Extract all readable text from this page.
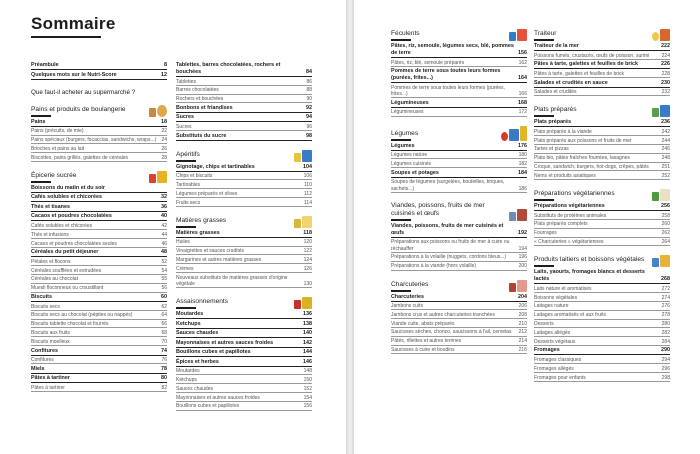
Sommaire
Préambule	8
Quelques mots sur le Nutri-Score	12
Que faut-il acheter au supermarché ?
Pains et produits de boulangerie
Pains	18
Pains (précuits, de mie)	22
Pains spéciaux (burgers, focaccias, sandwichs, wraps...)	24
Brioches et pains au lait	26
Biscottes, pains grillés, galettes de céréales	28
Épicerie sucrée
Boissons du matin et du soir
Cafés solubles et chicorées	32
Thés et tisanes	36
Cacaos et poudres chocolatées	40
Cafés solubles et chicorées	42
Thés et infusions	44
Cacaos et poudres chocolatées seules	46
Céréales du petit déjeuner	48
Pétales et flocons	52
Céréales soufflées et extrudées	54
Céréales au chocolat	55
Muesli floconneux ou croustillant	56
Biscuits	60
Biscuits secs	62
Biscuits secs au chocolat (pépites ou nappés)	64
Biscuits tablette chocolat et fourrés	66
Biscuits aux fruits	68
Biscuits moelleux	70
Confitures	74
Confitures	76
Miels	78
Pâtes à tartiner	80
Pâtes à tartiner	82
Tablettes, barres chocolatées, rochers et bouchées	84
Tablettes	86
Barres chocolatées	88
Rochers et bouchées	90
Bonbons et friandises	92
Sucres	94
Sucres	96
Substituts du sucre	98
Apéritifs
Gignotage, chips et tartinables	104
Chips et biscuits	106
Tartinables	110
Légumes préparés et olives	112
Fruits secs	114
Matières grasses
Matières grasses	118
Huiles	120
Vinaigrettes et sauces crudités	122
Margarines et autres matières grasses	124
Crèmes	126
Nouveaux substituts de matières grasses d'origine végétale	130
Assaisonnements
Moutardes	136
Ketchups	138
Sauces chaudes	140
Mayonnaises et autres sauces froides	142
Bouillons cubes et papillotes	144
Épices et herbes	146
Moutardes	148
Ketchups	150
Sauces chaudes	152
Mayonnaises et autres sauces froides	154
Bouillons cubes et papillotes	156
Féculents
Pâtes, riz, semoule, légumes secs, blé, pommes de terre	156
Pâtes, riz, blé, semoule préparés	162
Pommes de terre sous toutes leurs formes (purées, frites...)	164
Pommes de terre sous toutes leurs formes (purées, frites...)	166
Légumineuses	168
Légumineuses	172
Légumes
Légumes	176
Légumes nature	180
Légumes cuisinés	182
Soupes et potages	184
Soupes de légumes (surgelées, bouteilles, briques, sachets...)	186
Viandes, poissons, fruits de mer cuisinés et œufs
Viandes, poissons, fruits de mer cuisinés et œufs	192
Préparations aux poissons ou fruits de mer à cuire ou réchauffer	194
Préparations à la volaille (nuggets, cordons bleus...)	196
Préparations à la viande (hors volaille)	200
Charcuteries
Charcuteries	204
Jambons cuits	206
Jambons crus et autres charcuteries tranchées	208
Viande cuite, abats préparés	210
Saucisses sèches, chorizo, saucissons à l'ail, cervelas	212
Pâtés, rillettes et autres terrines	214
Saucisses à cuire et boudins	216
Traiteur
Traiteur de la mer	222
Poissons fumés, crustacés, œufs de poisson, surimi	224
Pâtes à tarte, galettes et feuilles de brick	226
Pâtes à tarte, galettes et feuilles de brick	228
Salades et crudités en sauce	230
Salades et crudités	232
Plats préparés
Plats préparés	236
Plats préparés à la viande	242
Plats préparés aux poissons et fruits de mer	244
Tartes et pizzas	246
Plats bio, pâtes fraîches fourrées, lasagnes	248
Croque, sandwich, burgers, hot-dogs, crêpes, pâtés	251
Nems et produits asiatiques	252
Préparations végétariennes
Préparations végétariennes	256
Substituts de protéines animales	258
Plats préparés complets	260
Fourrages	262
« Charcuteries » végétariennes	264
Produits laitiers et boissons végétales
Laits, yaourts, fromages blancs et desserts lactés	268
Laits nature et aromatisés	272
Boissons végétales	274
Laitages nature	276
Laitages aromatisés et aux fruits	278
Desserts	280
Laitages allégés	282
Desserts végétaux	284
Fromages	290
Fromages classiques	294
Fromages allégés	296
Fromages pour enfants	298
